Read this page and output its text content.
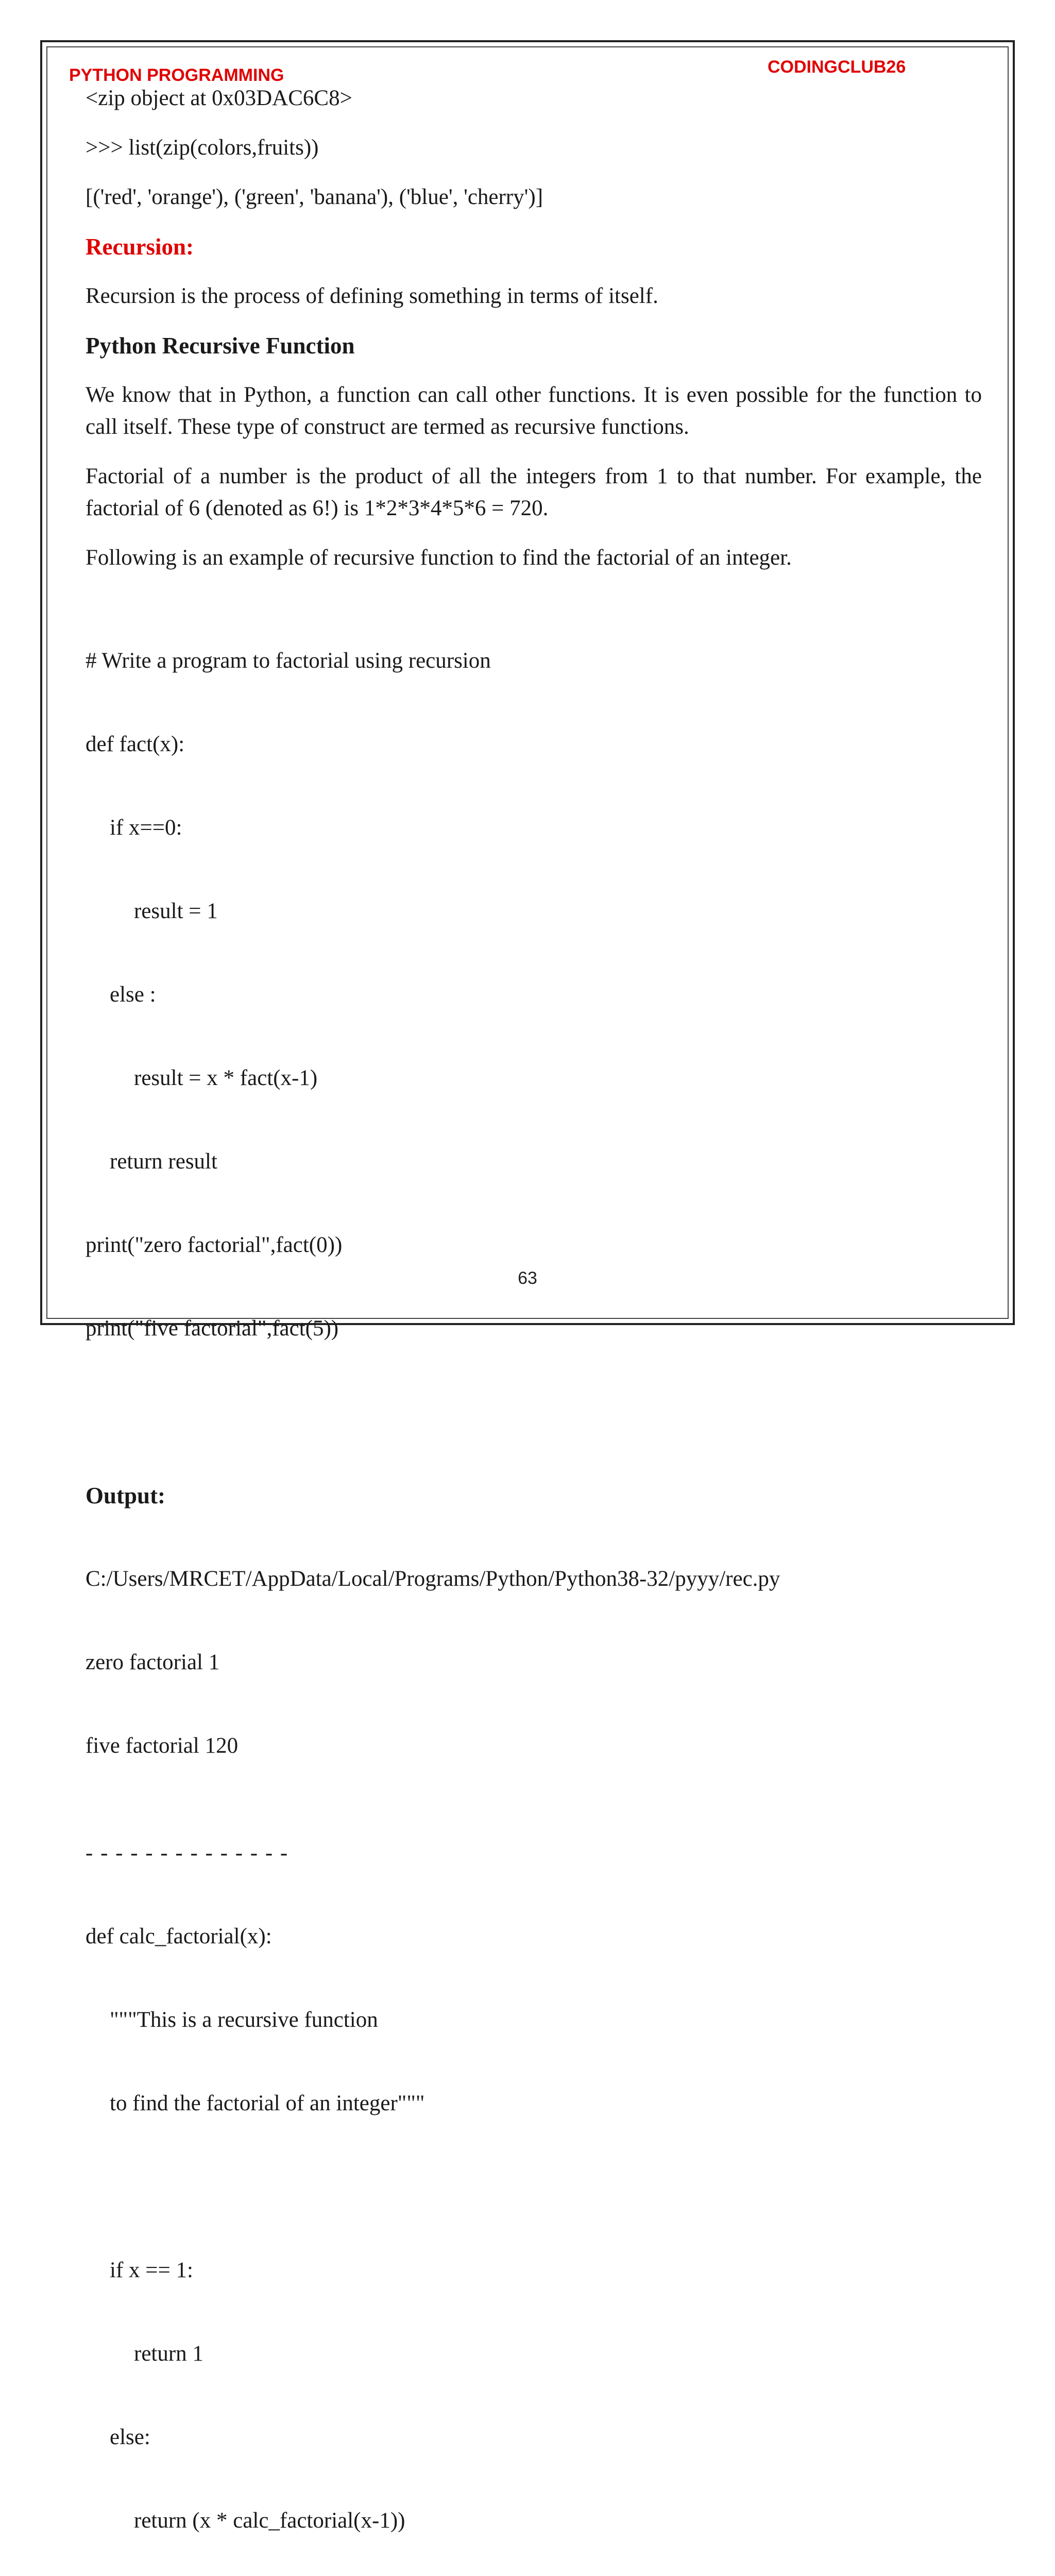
PYTHON PROGRAMMING	CODINGCLUB26
<zip object at 0x03DAC6C8>
>>> list(zip(colors,fruits))
[('red', 'orange'), ('green', 'banana'), ('blue', 'cherry')]
Recursion:
Recursion is the process of defining something in terms of itself.
Python Recursive Function
We know that in Python, a function can call other functions. It is even possible for the function to call itself. These type of construct are termed as recursive functions.
Factorial of a number is the product of all the integers from 1 to that number. For example, the factorial of 6 (denoted as 6!) is 1*2*3*4*5*6 = 720.
Following is an example of recursive function to find the factorial of an integer.

# Write a program to factorial using recursion

def fact(x):

if x==0:

result = 1

else :

result = x * fact(x-1)

return result

print("zero factorial",fact(0))

print("five factorial",fact(5))

Output:

C:/Users/MRCET/AppData/Local/Programs/Python/Python38-32/pyyy/rec.py

zero factorial 1

five factorial 120

- - - - - - - - - - - - - -

def calc_factorial(x):

"""This is a recursive function

to find the factorial of an integer"""

if x == 1:

return 1

else:

return (x * calc_factorial(x-1))

63
